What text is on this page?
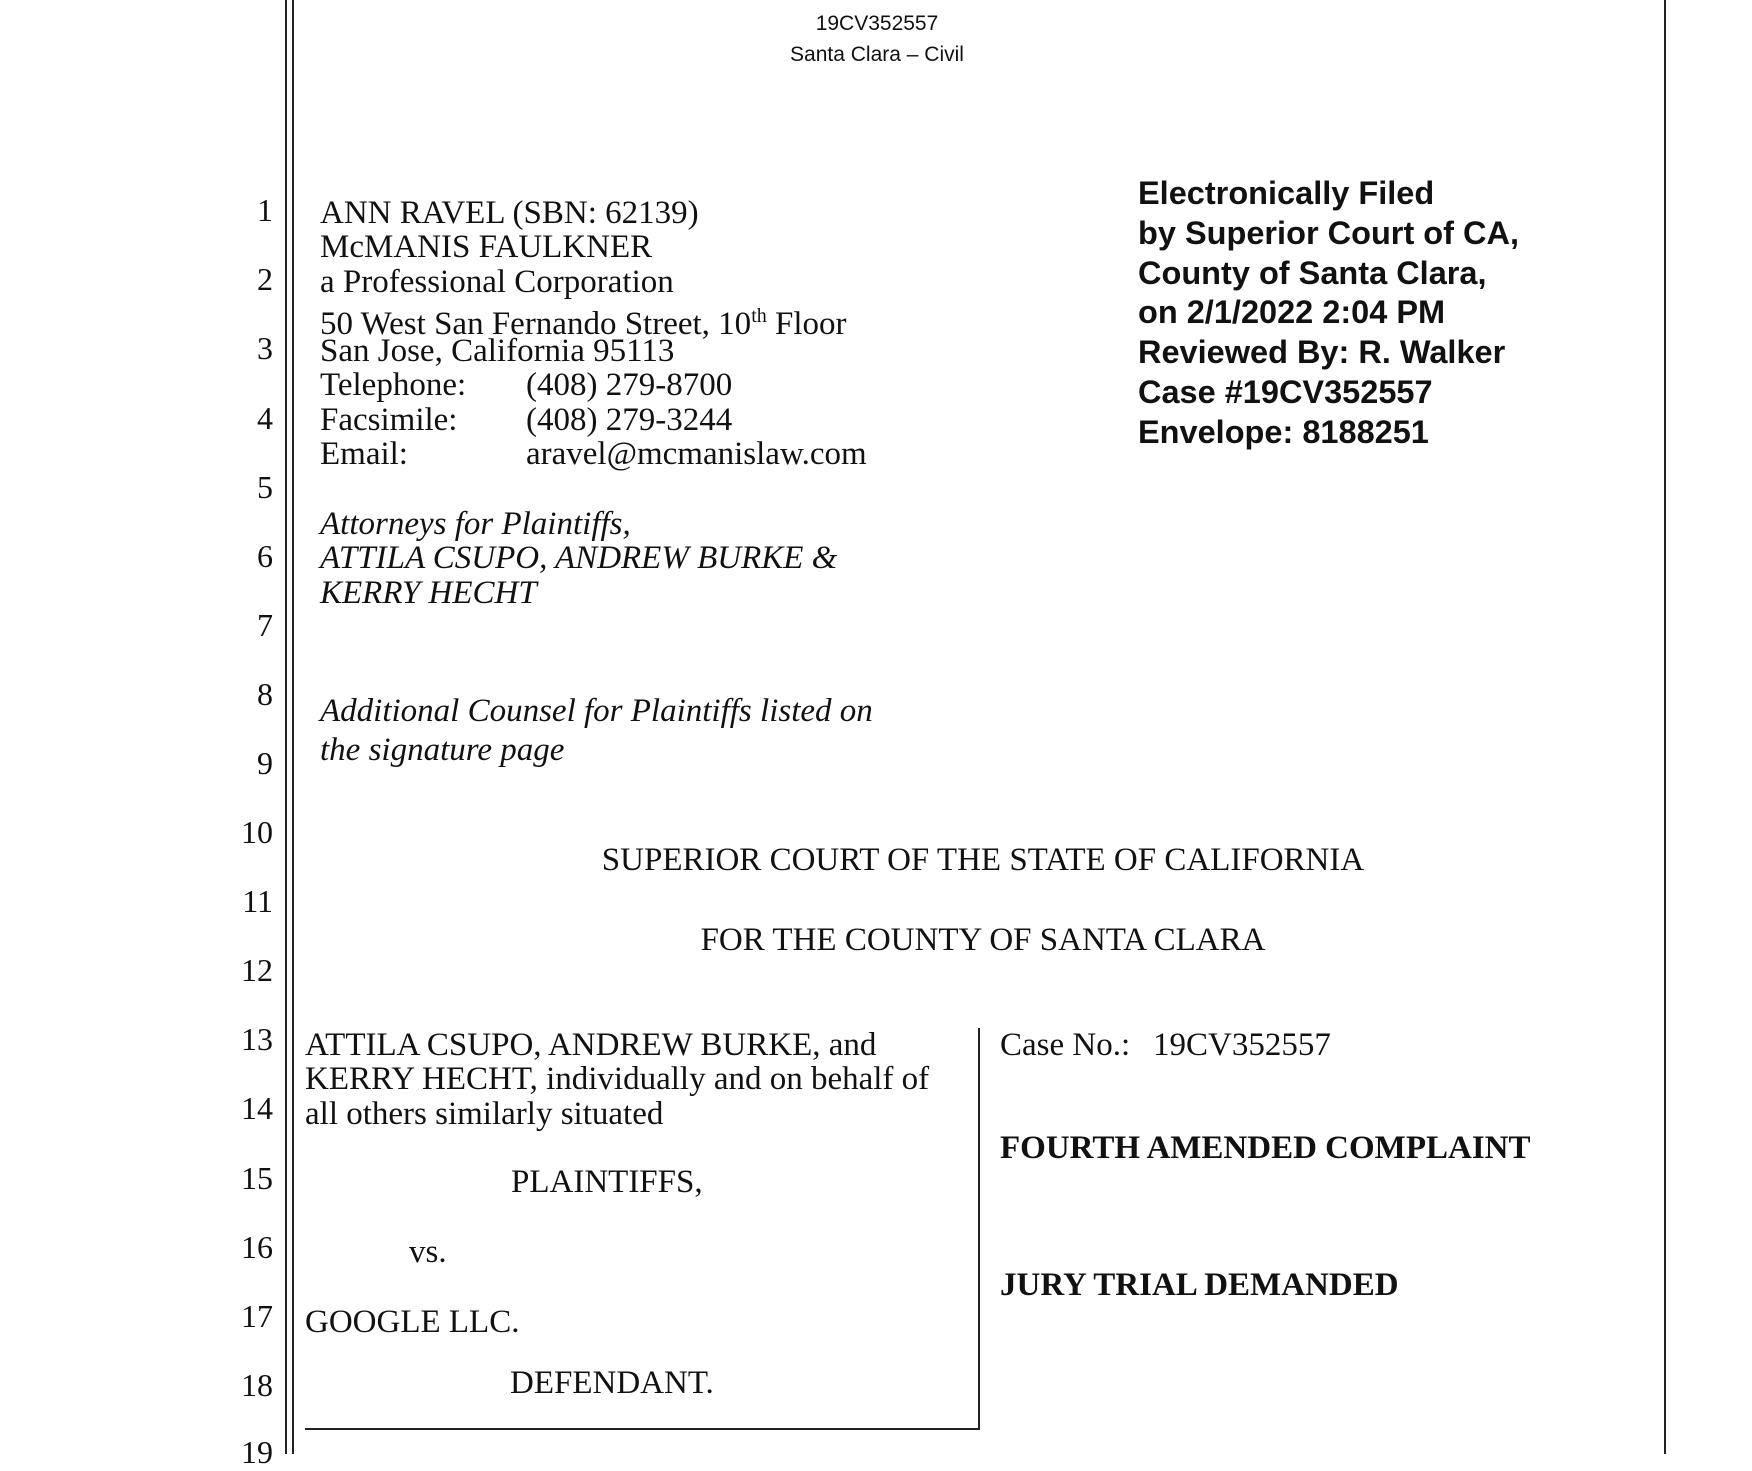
19CV352557
Santa Clara – Civil
1
2
3
4
5
6
7
8
9
10
11
12
13
14
15
16
17
18
19
ANN RAVEL (SBN: 62139)
McMANIS FAULKNER
a Professional Corporation
50 West San Fernando Street, 10th Floor
San Jose, California 95113
Telephone: (408) 279-8700
Facsimile: (408) 279-3244
Email:	aravel@mcmanislaw.com
Attorneys for Plaintiffs,
ATTILA CSUPO, ANDREW BURKE &
KERRY HECHT
Additional Counsel for Plaintiffs listed on
the signature page
Electronically Filed
by Superior Court of CA,
County of Santa Clara,
on 2/1/2022 2:04 PM
Reviewed By: R. Walker
Case #19CV352557
Envelope: 8188251
SUPERIOR COURT OF THE STATE OF CALIFORNIA
FOR THE COUNTY OF SANTA CLARA
ATTILA CSUPO, ANDREW BURKE, and
KERRY HECHT, individually and on behalf of
all others similarly situated
PLAINTIFFS,
vs.
GOOGLE LLC.
DEFENDANT.
Case No.: 19CV352557
FOURTH AMENDED COMPLAINT
JURY TRIAL DEMANDED
